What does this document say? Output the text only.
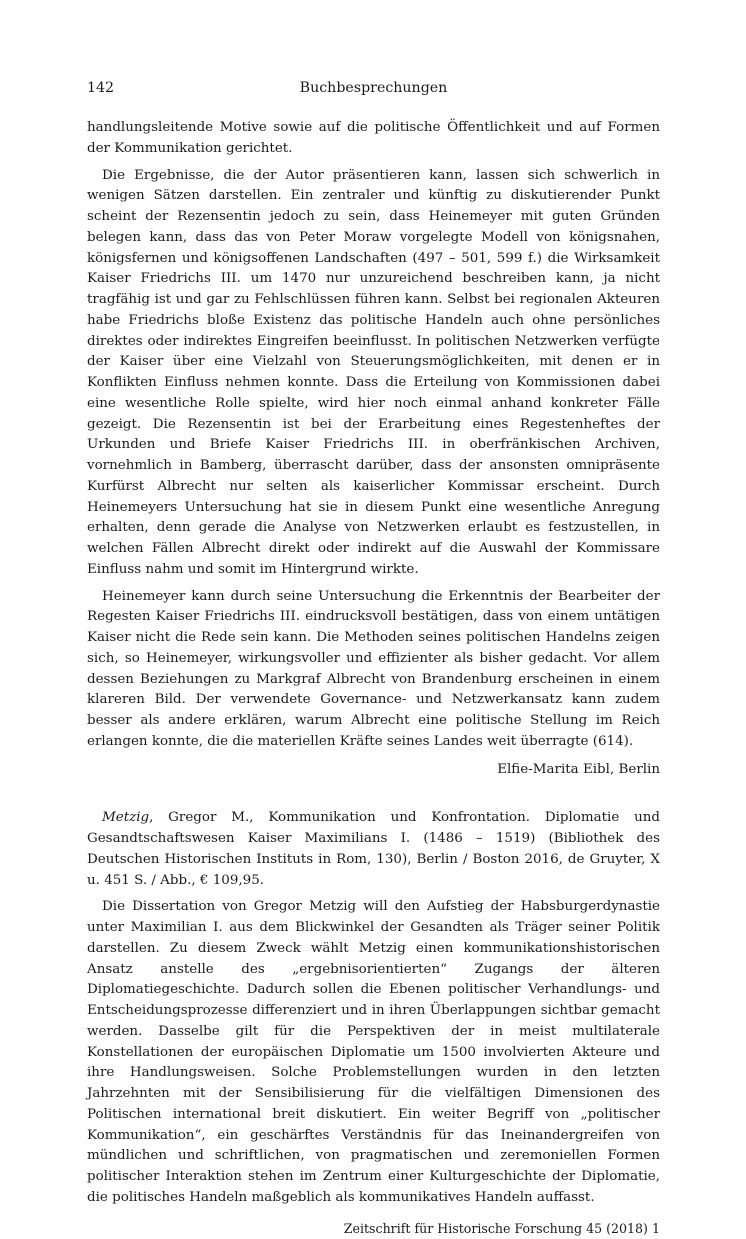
142	Buchbesprechungen

handlungsleitende Motive sowie auf die politische Öffentlichkeit und auf Formen der Kommunikation gerichtet.

Die Ergebnisse, die der Autor präsentieren kann, lassen sich schwerlich in wenigen Sätzen darstellen. Ein zentraler und künftig zu diskutierender Punkt scheint der Rezensentin jedoch zu sein, dass Heinemeyer mit guten Gründen belegen kann, dass das von Peter Moraw vorgelegte Modell von königsnahen, königsfernen und königsoffenen Landschaften (497 – 501, 599 f.) die Wirksamkeit Kaiser Friedrichs III. um 1470 nur unzureichend beschreiben kann, ja nicht tragfähig ist und gar zu Fehlschlüssen führen kann. Selbst bei regionalen Akteuren habe Friedrichs bloße Existenz das politische Handeln auch ohne persönliches direktes oder indirektes Eingreifen beeinflusst. In politischen Netzwerken verfügte der Kaiser über eine Vielzahl von Steuerungsmöglichkeiten, mit denen er in Konflikten Einfluss nehmen konnte. Dass die Erteilung von Kommissionen dabei eine wesentliche Rolle spielte, wird hier noch einmal anhand konkreter Fälle gezeigt. Die Rezensentin ist bei der Erarbeitung eines Regestenheftes der Urkunden und Briefe Kaiser Friedrichs III. in oberfränkischen Archiven, vornehmlich in Bamberg, überrascht darüber, dass der ansonsten omnipräsente Kurfürst Albrecht nur selten als kaiserlicher Kommissar erscheint. Durch Heinemeyers Untersuchung hat sie in diesem Punkt eine wesentliche Anregung erhalten, denn gerade die Analyse von Netzwerken erlaubt es festzustellen, in welchen Fällen Albrecht direkt oder indirekt auf die Auswahl der Kommissare Einfluss nahm und somit im Hintergrund wirkte.

Heinemeyer kann durch seine Untersuchung die Erkenntnis der Bearbeiter der Regesten Kaiser Friedrichs III. eindrucksvoll bestätigen, dass von einem untätigen Kaiser nicht die Rede sein kann. Die Methoden seines politischen Handelns zeigen sich, so Heinemeyer, wirkungsvoller und effizienter als bisher gedacht. Vor allem dessen Beziehungen zu Markgraf Albrecht von Brandenburg erscheinen in einem klareren Bild. Der verwendete Governance- und Netzwerkansatz kann zudem besser als andere erklären, warum Albrecht eine politische Stellung im Reich erlangen konnte, die die materiellen Kräfte seines Landes weit überragte (614).

Elfie-Marita Eibl, Berlin

Metzig, Gregor M., Kommunikation und Konfrontation. Diplomatie und Gesandtschaftswesen Kaiser Maximilians I. (1486 – 1519) (Bibliothek des Deutschen Historischen Instituts in Rom, 130), Berlin / Boston 2016, de Gruyter, X u. 451 S. / Abb., € 109,95.

Die Dissertation von Gregor Metzig will den Aufstieg der Habsburgerdynastie unter Maximilian I. aus dem Blickwinkel der Gesandten als Träger seiner Politik darstellen. Zu diesem Zweck wählt Metzig einen kommunikationshistorischen Ansatz anstelle des „ergebnisorientierten“ Zugangs der älteren Diplomatiegeschichte. Dadurch sollen die Ebenen politischer Verhandlungs- und Entscheidungsprozesse differenziert und in ihren Überlappungen sichtbar gemacht werden. Dasselbe gilt für die Perspektiven der in meist multilaterale Konstellationen der europäischen Diplomatie um 1500 involvierten Akteure und ihre Handlungsweisen. Solche Problemstellungen wurden in den letzten Jahrzehnten mit der Sensibilisierung für die vielfältigen Dimensionen des Politischen international breit diskutiert. Ein weiter Begriff von „politischer Kommunikation“, ein geschärftes Verständnis für das Ineinandergreifen von mündlichen und schriftlichen, von pragmatischen und zeremoniellen Formen politischer Interaktion stehen im Zentrum einer Kulturgeschichte der Diplomatie, die politisches Handeln maßgeblich als kommunikatives Handeln auffasst.

Zeitschrift für Historische Forschung 45 (2018) 1
